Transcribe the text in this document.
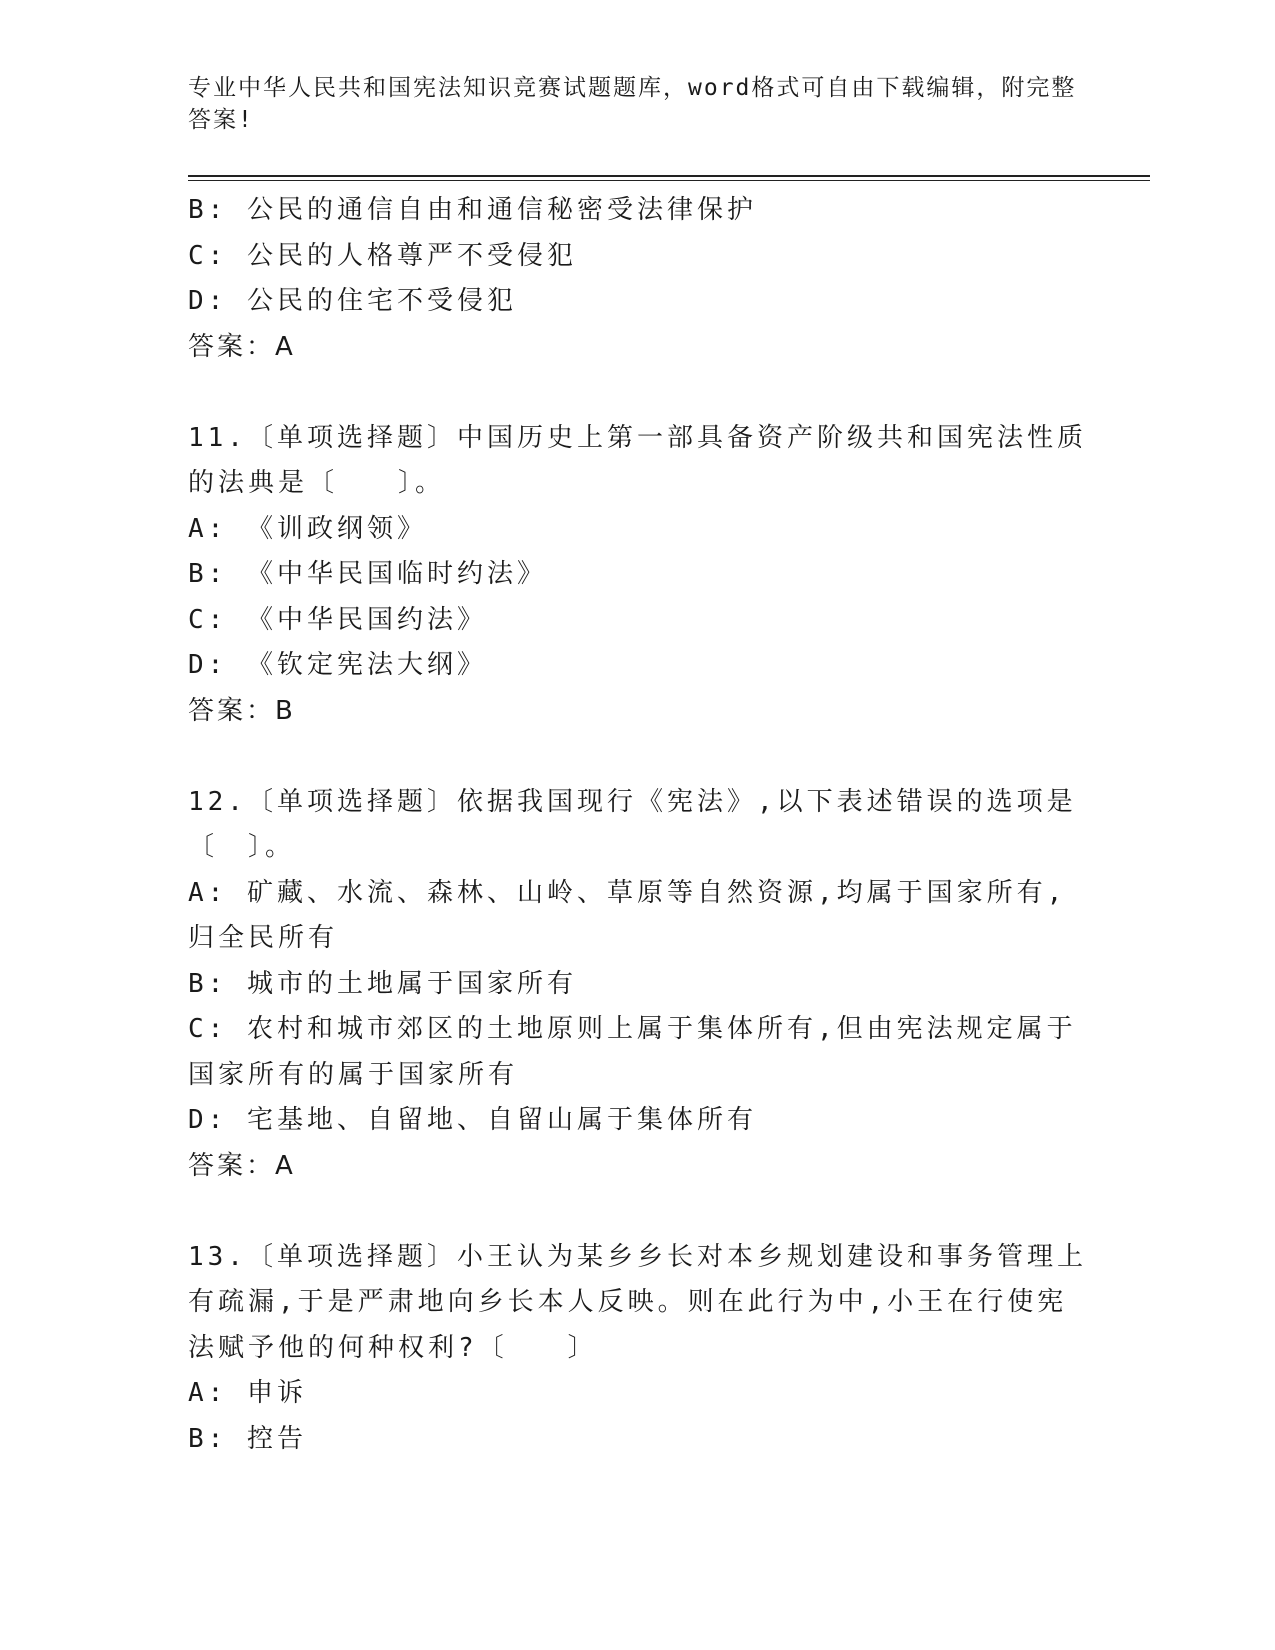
专业中华人民共和国宪法知识竞赛试题题库，word格式可自由下载编辑，附完整答案!
B: 公民的通信自由和通信秘密受法律保护
C: 公民的人格尊严不受侵犯
D: 公民的住宅不受侵犯
答案：A
11.〔单项选择题〕中国历史上第一部具备资产阶级共和国宪法性质的法典是〔　　〕。
A: 《训政纲领》
B: 《中华民国临时约法》
C: 《中华民国约法》
D: 《钦定宪法大纲》
答案：B
12.〔单项选择题〕依据我国现行《宪法》,以下表述错误的选项是〔　〕。
A: 矿藏、水流、森林、山岭、草原等自然资源,均属于国家所有,归全民所有
B: 城市的土地属于国家所有
C: 农村和城市郊区的土地原则上属于集体所有,但由宪法规定属于国家所有的属于国家所有
D: 宅基地、自留地、自留山属于集体所有
答案：A
13.〔单项选择题〕小王认为某乡乡长对本乡规划建设和事务管理上有疏漏,于是严肃地向乡长本人反映。则在此行为中,小王在行使宪法赋予他的何种权利?〔　　〕
A: 申诉
B: 控告
